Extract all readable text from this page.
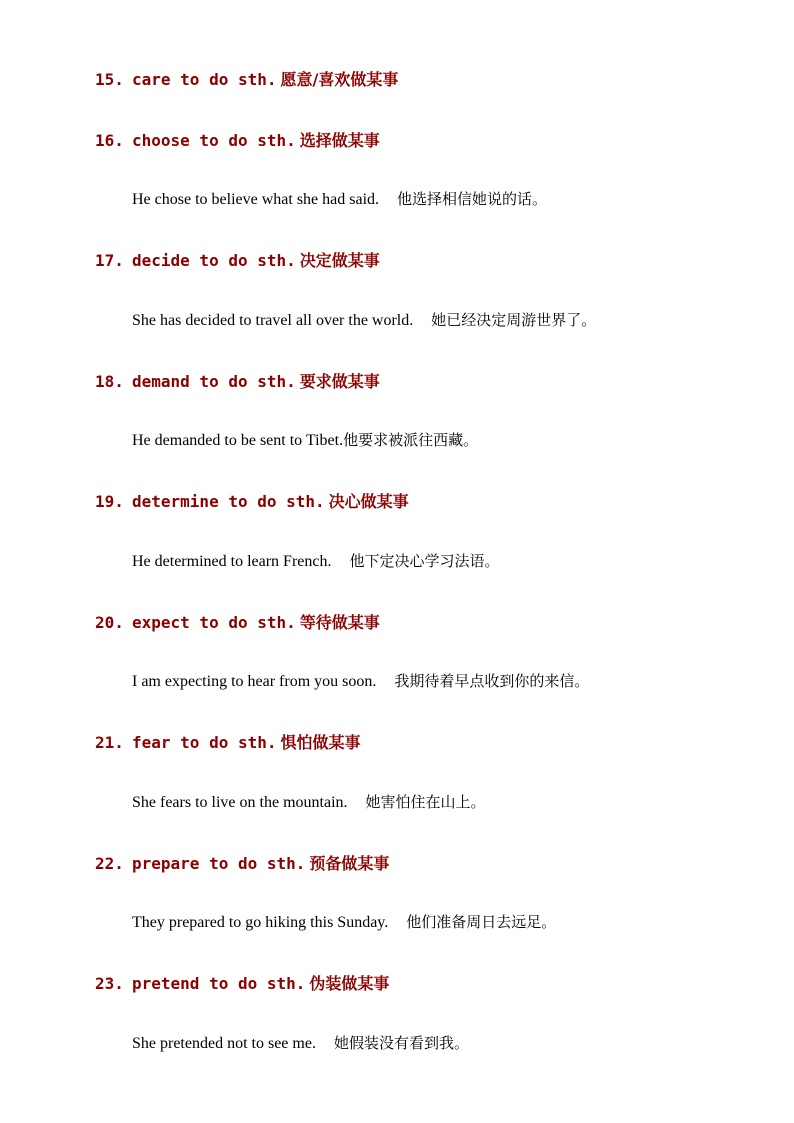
15. care to do sth. 愿意/喜欢做某事
16. choose to do sth. 选择做某事
He chose to believe what she had said. 他选择相信她说的话。
17. decide to do sth. 决定做某事
She has decided to travel all over the world. 她已经决定周游世界了。
18. demand to do sth. 要求做某事
He demanded to be sent to Tibet.他要求被派往西藏。
19. determine to do sth. 决心做某事
He determined to learn French. 他下定决心学习法语。
20. expect to do sth. 等待做某事
I am expecting to hear from you soon. 我期待着早点收到你的来信。
21. fear to do sth. 惧怕做某事
She fears to live on the mountain. 她害怕住在山上。
22. prepare to do sth. 预备做某事
They prepared to go hiking this Sunday. 他们准备周日去远足。
23. pretend to do sth. 伪装做某事
She pretended not to see me. 她假装没有看到我。
